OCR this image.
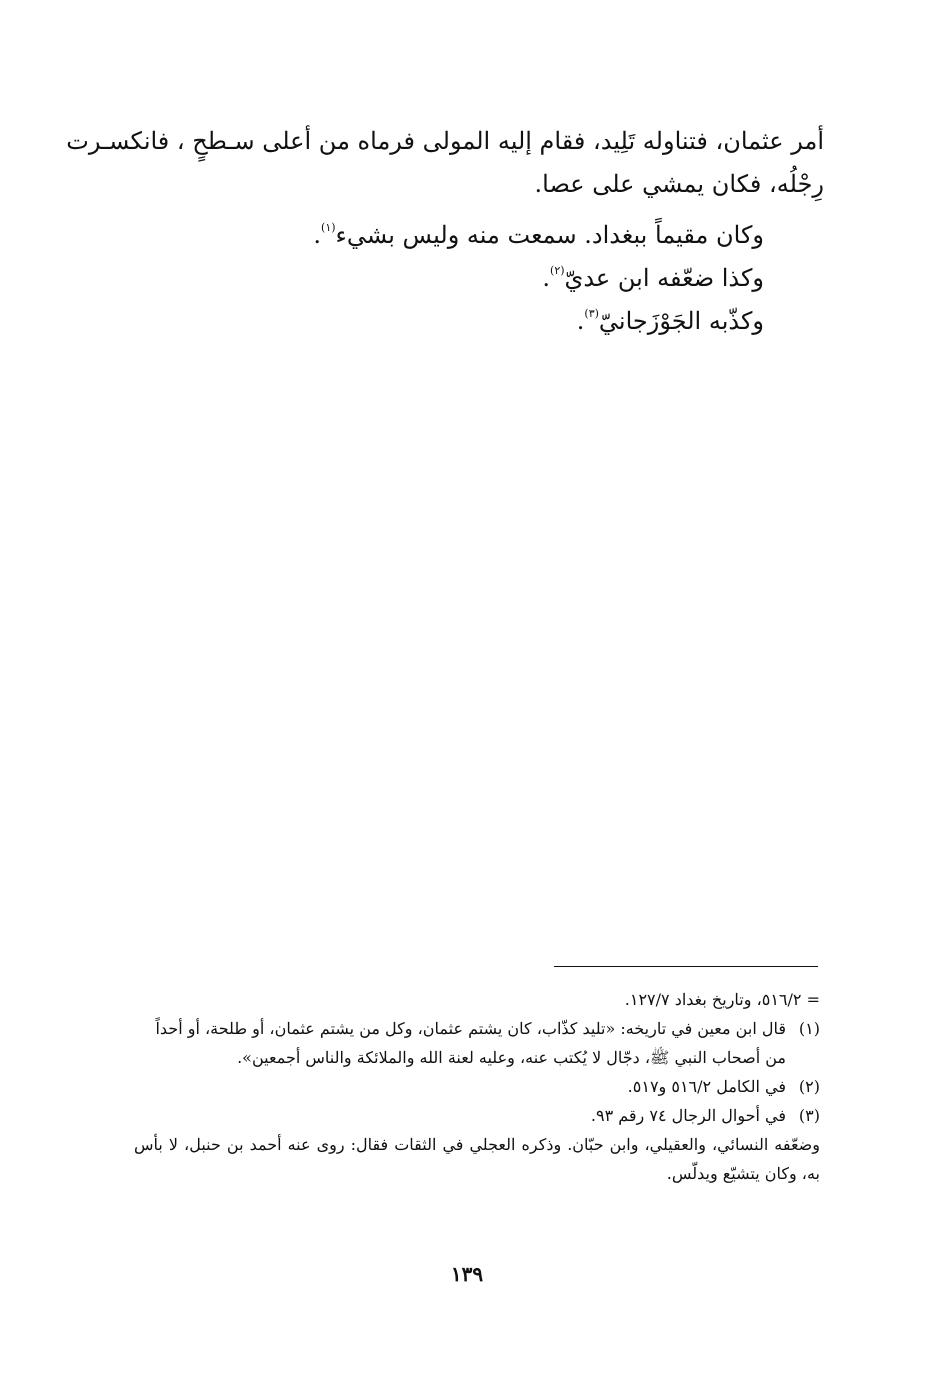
أمر عثمان، فتناوله تَلِيد، فقام إليه المولى فرماه من أعلى سـطحٍ ، فانكسـرت
رِجْلُه، فكان يمشي على عصا.
وكان مقيماً ببغداد. سمعت منه وليس بشيء$^{(١)}$.
وكذا ضعّفه ابن عديّ$^{(٢)}$.
وكذّبه الجَوْزَجانيّ$^{(٣)}$.
= ٥١٦/٢، وتاريخ بغداد ١٢٧/٧.
(١)
قال ابن معين في تاريخه: «تليد كذّاب، كان يشتم عثمان، وكل من يشتم عثمان، أو طلحة، أو أحداً من أصحاب النبي ﷺ، دجّال لا يُكتب عنه، وعليه لعنة الله والملائكة والناس أجمعين».
(٢)
في الكامل ٥١٦/٢ و٥١٧.
(٣)
في أحوال الرجال ٧٤ رقم ٩٣.
وضعّفه النسائي، والعقيلي، وابن حبّان. وذكره العجلي في الثقات فقال: روى عنه أحمد بن حنبل، لا بأس به، وكان يتشيّع ويدلّس.
١٣٩
